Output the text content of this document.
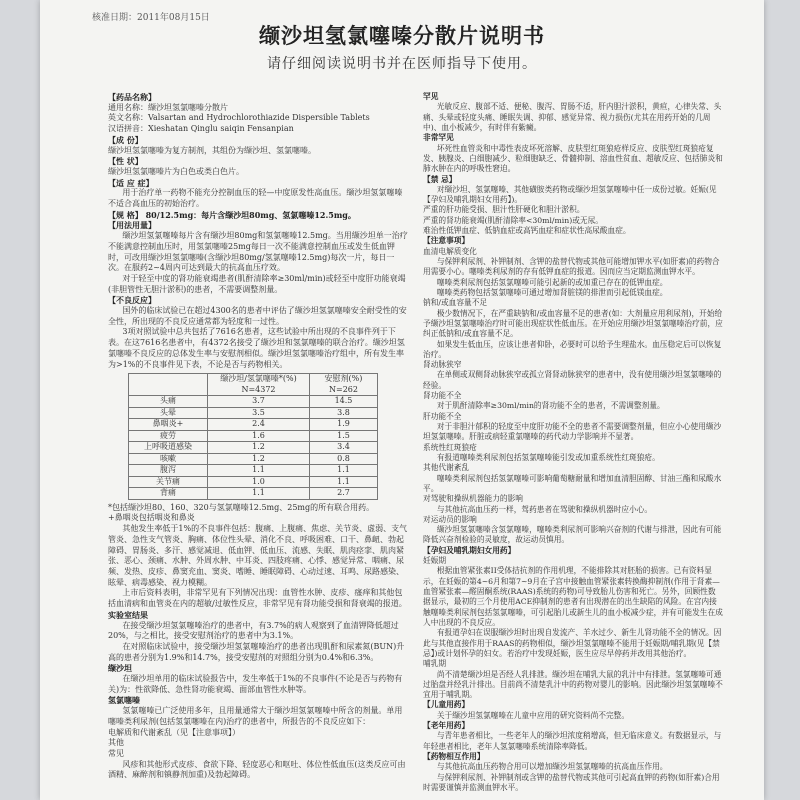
核准日期：2011年08月15日
缬沙坦氢氯噻嗪分散片说明书
请仔细阅读说明书并在医师指导下使用。

【药品名称】

通用名称：缬沙坦氢氯噻嗪分散片

英文名称：Valsartan and Hydrochlorothiazide Dispersible Tablets

汉语拼音：Xieshatan Qinglu saiqin Fensanpian

【成 份】

缬沙坦氢氯噻嗪为复方制剂，其组份为缬沙坦、氢氯噻嗪。

【性 状】

缬沙坦氢氯噻嗪片为白色或类白色片。

【适 应 症】

用于治疗单一药物不能充分控制血压的轻—中度原发性高血压。缬沙坦氢氯噻嗪不适合高血压的初始治疗。

【规 格】 80/12.5mg：每片含缬沙坦80mg、氢氯噻嗪12.5mg。

【用法用量】

缬沙坦氢氯噻嗪每片含有缬沙坦80mg和氢氯噻嗪12.5mg。当用缬沙坦单一治疗不能满意控制血压时，用氢氯噻嗪25mg每日一次不能满意控制血压或发生低血钾时，可改用缬沙坦氢氯噻嗪(含缬沙坦80mg/氢氯噻嗪12.5mg)每次一片，每日一次。在服药2~4周内可达到最大的抗高血压疗效。

对于轻至中度的肾功能衰竭患者(肌酐清除率≥30ml/min)或轻至中度肝功能衰竭(非胆管性无胆汁淤积)的患者，不需要调整剂量。

【不良反应】

国外的临床试验已在超过4300名的患者中评估了缬沙坦氢氯噻嗪安全耐受性的安全性，所出现的不良反应通常都为轻度和一过性。

3项对照试验中总共包括了7616名患者，这些试验中所出现的不良事件列于下表。在这7616名患者中，有4372名接受了缬沙坦和氢氯噻嗪的联合治疗。缬沙坦氢氯噻嗪不良反应的总体发生率与安慰剂相似。缬沙坦氢氯噻嗪治疗组中，所有发生率为>1%的不良事件见下表，不论是否与药物相关。

	缬沙坦/氢氯噻嗪*(%) N=4372	安慰剂(%) N=262
头痛	3.7	14.5
头晕	3.5	3.8
鼻咽炎+	2.4	1.9
疲劳	1.6	1.5
上呼吸道感染	1.2	3.4
咳嗽	1.2	0.8
腹泻	1.1	1.1
关节痛	1.0	1.1
背痛	1.1	2.7

*包括缬沙坦80、160、320与氢氯噻嗪12.5mg、25mg的所有联合用药。

+鼻咽炎包括咽炎和鼻炎

其他发生率低于1%的不良事件包括：腹痛、上腹痛、焦虑、关节炎、虚弱、支气管炎、急性支气管炎、胸痛、体位性头晕、消化不良、呼吸困难、口干、鼻衄、勃起障碍、胃肠炎、多汗、感觉减退、低血钾、低血压、流感、失眠、肌肉痉挛、肌肉紧张、恶心、颈痛、水肿、外周水肿、中耳炎、四肢疼痛、心悸、感觉异常、咽痛、尿频、发热、皮疹、鼻窦充血、窦炎、嗜睡、睡眠障碍、心动过速、耳鸣、尿路感染、眩晕、病毒感染、视力模糊。

上市后资料表明，非常罕见有下列情况出现：血管性水肿、皮疹、瘙痒和其他包括血清病和血管炎在内的超敏/过敏性反应，非常罕见有肾功能受损和肾衰竭的报道。

实验室结果

在接受缬沙坦氢氯噻嗪治疗的患者中，有3.7%的病人观察到了血清钾降低超过20%，与之相比，接受安慰剂治疗的患者中为3.1%。

在对照临床试验中，接受缬沙坦氢氯噻嗪治疗的患者出现肌酐和尿素氮(BUN)升高的患者分别为1.9%和14.7%，接受安慰剂的对照组分别为0.4%和6.3%。

缬沙坦

在缬沙坦单用的临床试验报告中，发生率低于1%的不良事件(不论是否与药物有关)为：性欲降低、急性肾功能衰竭、面部血管性水肿等。

氢氯噻嗪

氢氯噻嗪已广泛使用多年，且用量通常大于缬沙坦氢氯噻嗪中所含的剂量。单用噻嗪类利尿剂(包括氢氯噻嗪在内)治疗的患者中，所报告的不良反应如下：

电解质和代谢紊乱（见【注意事项】）

其他

常见

风疹和其他形式皮疹、食欲下降、轻度恶心和呕吐、体位性低血压(这类反应可由酒精、麻醉剂和镇静剂加重)及勃起障碍。

罕见

光敏反应、腹部不适、便秘、腹泻、胃肠不适，肝内胆汁淤积，黄疸，心律失常、头痛、头晕或轻度头痛、睡眠失调、抑郁、感觉异常、视力损伤(尤其在用药开始的几周中)、血小板减少，有时伴有紫癜。

非常罕见

坏死性血管炎和中毒性表皮坏死溶解、皮肤型红斑狼疮样反应、皮肤型红斑狼疮复发、胰腺炎、白细胞减少、粒细胞缺乏、骨髓抑制、溶血性贫血、超敏反应、包括肺炎和肺水肿在内的呼吸性窘迫。

【禁 忌】

对缬沙坦、氢氯噻嗪、其他磺胺类药物或缬沙坦氢氯噻嗪中任一成份过敏。妊娠(见【孕妇及哺乳期妇女用药】)。

严重的肝功能受损、胆汁性肝硬化和胆汁淤积。

严重的肾功能衰竭(肌酐清除率<30ml/min)或无尿。

难治性低钾血症、低钠血症或高钙血症和症状性高尿酸血症。

【注意事项】

血清电解质变化

与保钾利尿剂、补钾制剂、含钾的盐替代物或其他可能增加钾水平(如肝素)的药物合用需要小心。噻嗪类利尿剂的存有低钾血症的报道。因而应当定期监测血钾水平。

噻嗪类利尿剂包括氢氯噻嗪可能引起新的或加重已存在的低钾血症。

噻嗪类药物包括氢氯噻嗪可通过增加肾脏镁的排泄而引起低镁血症。

钠和/或血容量不足

极少数情况下，在严重缺钠和/或血容量不足的患者(如：大剂量应用利尿剂)，开始给予缬沙坦氢氯噻嗪治疗时可能出现症状性低血压。在开始应用缬沙坦氢氯噻嗪治疗前，应纠正低钠和/或血容量不足。

如果发生低血压，应该让患者仰卧，必要时可以给予生理盐水。血压稳定后可以恢复治疗。

肾动脉狭窄

在单侧或双侧肾动脉狭窄或孤立肾肾动脉狭窄的患者中，没有使用缬沙坦氢氯噻嗪的经验。

肾功能不全

对于肌酐清除率≥30ml/min的肾功能不全的患者，不需调整剂量。

肝功能不全

对于非胆汁郁积的轻度至中度肝功能不全的患者不需要调整剂量，但应小心使用缬沙坦氢氯噻嗪。肝脏或病轻重氯噻嗪的药代动力学影响并不显著。

系统性红斑狼疮

有报道噻嗪类利尿剂包括氢氯噻嗪能引发或加重系统性红斑狼疮。

其他代谢紊乱

噻嗪类利尿剂包括氢氯噻嗪可影响葡萄糖耐量和增加血清胆固醇、甘油三酯和尿酸水平。

对驾驶和操纵机器能力的影响

与其他抗高血压药一样，驾药患者在驾驶和操纵机器时应小心。

对运动员的影响

缬沙坦氢氯噻嗪含氢氯噻嗪，噻嗪类利尿剂可影响兴奋剂的代谢与排泄，因此有可能降低兴奋剂检验的灵敏度，故运动员慎用。

【孕妇及哺乳期妇女用药】

妊娠期

根据血管紧张素II受体拮抗剂的作用机理，不能排除其对胚胎的损害。已有资料显示，在妊娠的第4~6月和第7~9月在子宫中接触血管紧张素转换酶抑制剂(作用于肾素—血管紧张素—醛固酮系统(RAAS)系统的药物)可导致胎儿伤害和死亡。另外，回顾性数据显示，最初的三个月使用ACE抑制剂的患者有出现潜在的出生缺陷的风险。在宫内接触噻嗪类利尿剂包括氢氯噻嗪，可引起胎儿或新生儿的血小板减少症，并有可能发生在成人中出现的不良反应。

有报道孕妇在误服缬沙坦时出现自发流产、羊水过少、新生儿肾功能不全的情况。因此与其他直接作用于RAAS的药物相似，缬沙坦氢氯噻嗪不能用于妊娠期/哺乳期(见【禁忌】)或计划怀孕的妇女。若治疗中发现妊娠，医生应尽早停药并改用其他治疗。

哺乳期

尚不清楚缬沙坦是否经人乳排泄。缬沙坦在哺乳大鼠的乳汁中有排泄。氢氯噻嗪可通过胎盘并经乳汁排出。目前尚不清楚乳汁中的药物对婴儿的影响。因此缬沙坦氢氯噻嗪不宜用于哺乳期。

【儿童用药】

关于缬沙坦氢氯噻嗪在儿童中应用的研究资料尚不完整。

【老年用药】

与青年患者相比，一些老年人的缬沙坦浓度稍增高，但无临床意义。有数据显示，与年轻患者相比，老年人氢氯噻嗪系统清除率降低。

【药物相互作用】

与其他抗高血压药物合用可以增加缬沙坦氢氯噻嗪的抗高血压作用。

与保钾利尿剂、补钾制剂或含钾的盐替代物或其他可引起高血钾的药物(如肝素)合用时需要谨慎并监测血钾水平。
